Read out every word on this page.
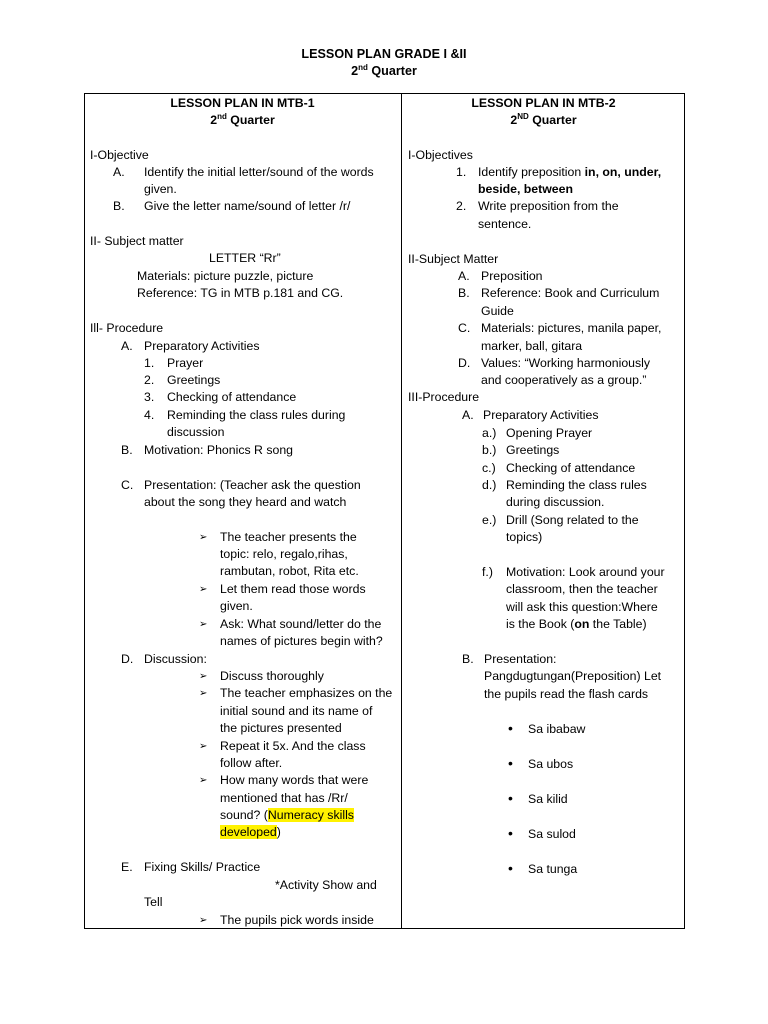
LESSON PLAN GRADE I &II
2nd Quarter
LESSON PLAN IN MTB-1
2nd Quarter
I-Objective
A. Identify the initial letter/sound of the words
given.
B. Give the letter name/sound of letter /r/
II- Subject matter
LETTER “Rr”
Materials: picture puzzle, picture
Reference: TG in MTB p.181 and CG.
Ill- Procedure
A. Preparatory Activities
1. Prayer
2. Greetings
3. Checking of attendance
4. Reminding the class rules during
discussion
B. Motivation: Phonics R song
C. Presentation: (Teacher ask the question
about the song they heard and watch
➢ The teacher presents the
topic: relo, regalo,rihas,
rambutan, robot, Rita etc.
➢ Let them read those words
given.
➢ Ask: What sound/letter do the
names of pictures begin with?
D. Discussion:
➢ Discuss thoroughly
➢ The teacher emphasizes on the
initial sound and its name of
the pictures presented
➢ Repeat it 5x. And the class
follow after.
➢ How many words that were
mentioned that has /Rr/
sound? (Numeracy skills
developed)
E. Fixing Skills/ Practice
*Activity Show and
Tell
➢ The pupils pick words inside
LESSON PLAN IN MTB-2
2ND Quarter
I-Objectives
1. Identify preposition in, on, under,
beside, between
2. Write preposition from the
sentence.
II-Subject Matter
A. Preposition
B. Reference: Book and Curriculum
Guide
C. Materials: pictures, manila paper,
marker, ball, gitara
D. Values: “Working harmoniously
and cooperatively as a group.”
III-Procedure
A. Preparatory Activities
a.) Opening Prayer
b.) Greetings
c.) Checking of attendance
d.) Reminding the class rules
during discussion.
e.) Drill (Song related to the
topics)
f.) Motivation: Look around your
classroom, then the teacher
will ask this question:Where
is the Book (on the Table)
B. Presentation:
Pangdugtungan(Preposition) Let
the pupils read the flash cards
• Sa ibabaw
• Sa ubos
• Sa kilid
• Sa sulod
• Sa tunga
